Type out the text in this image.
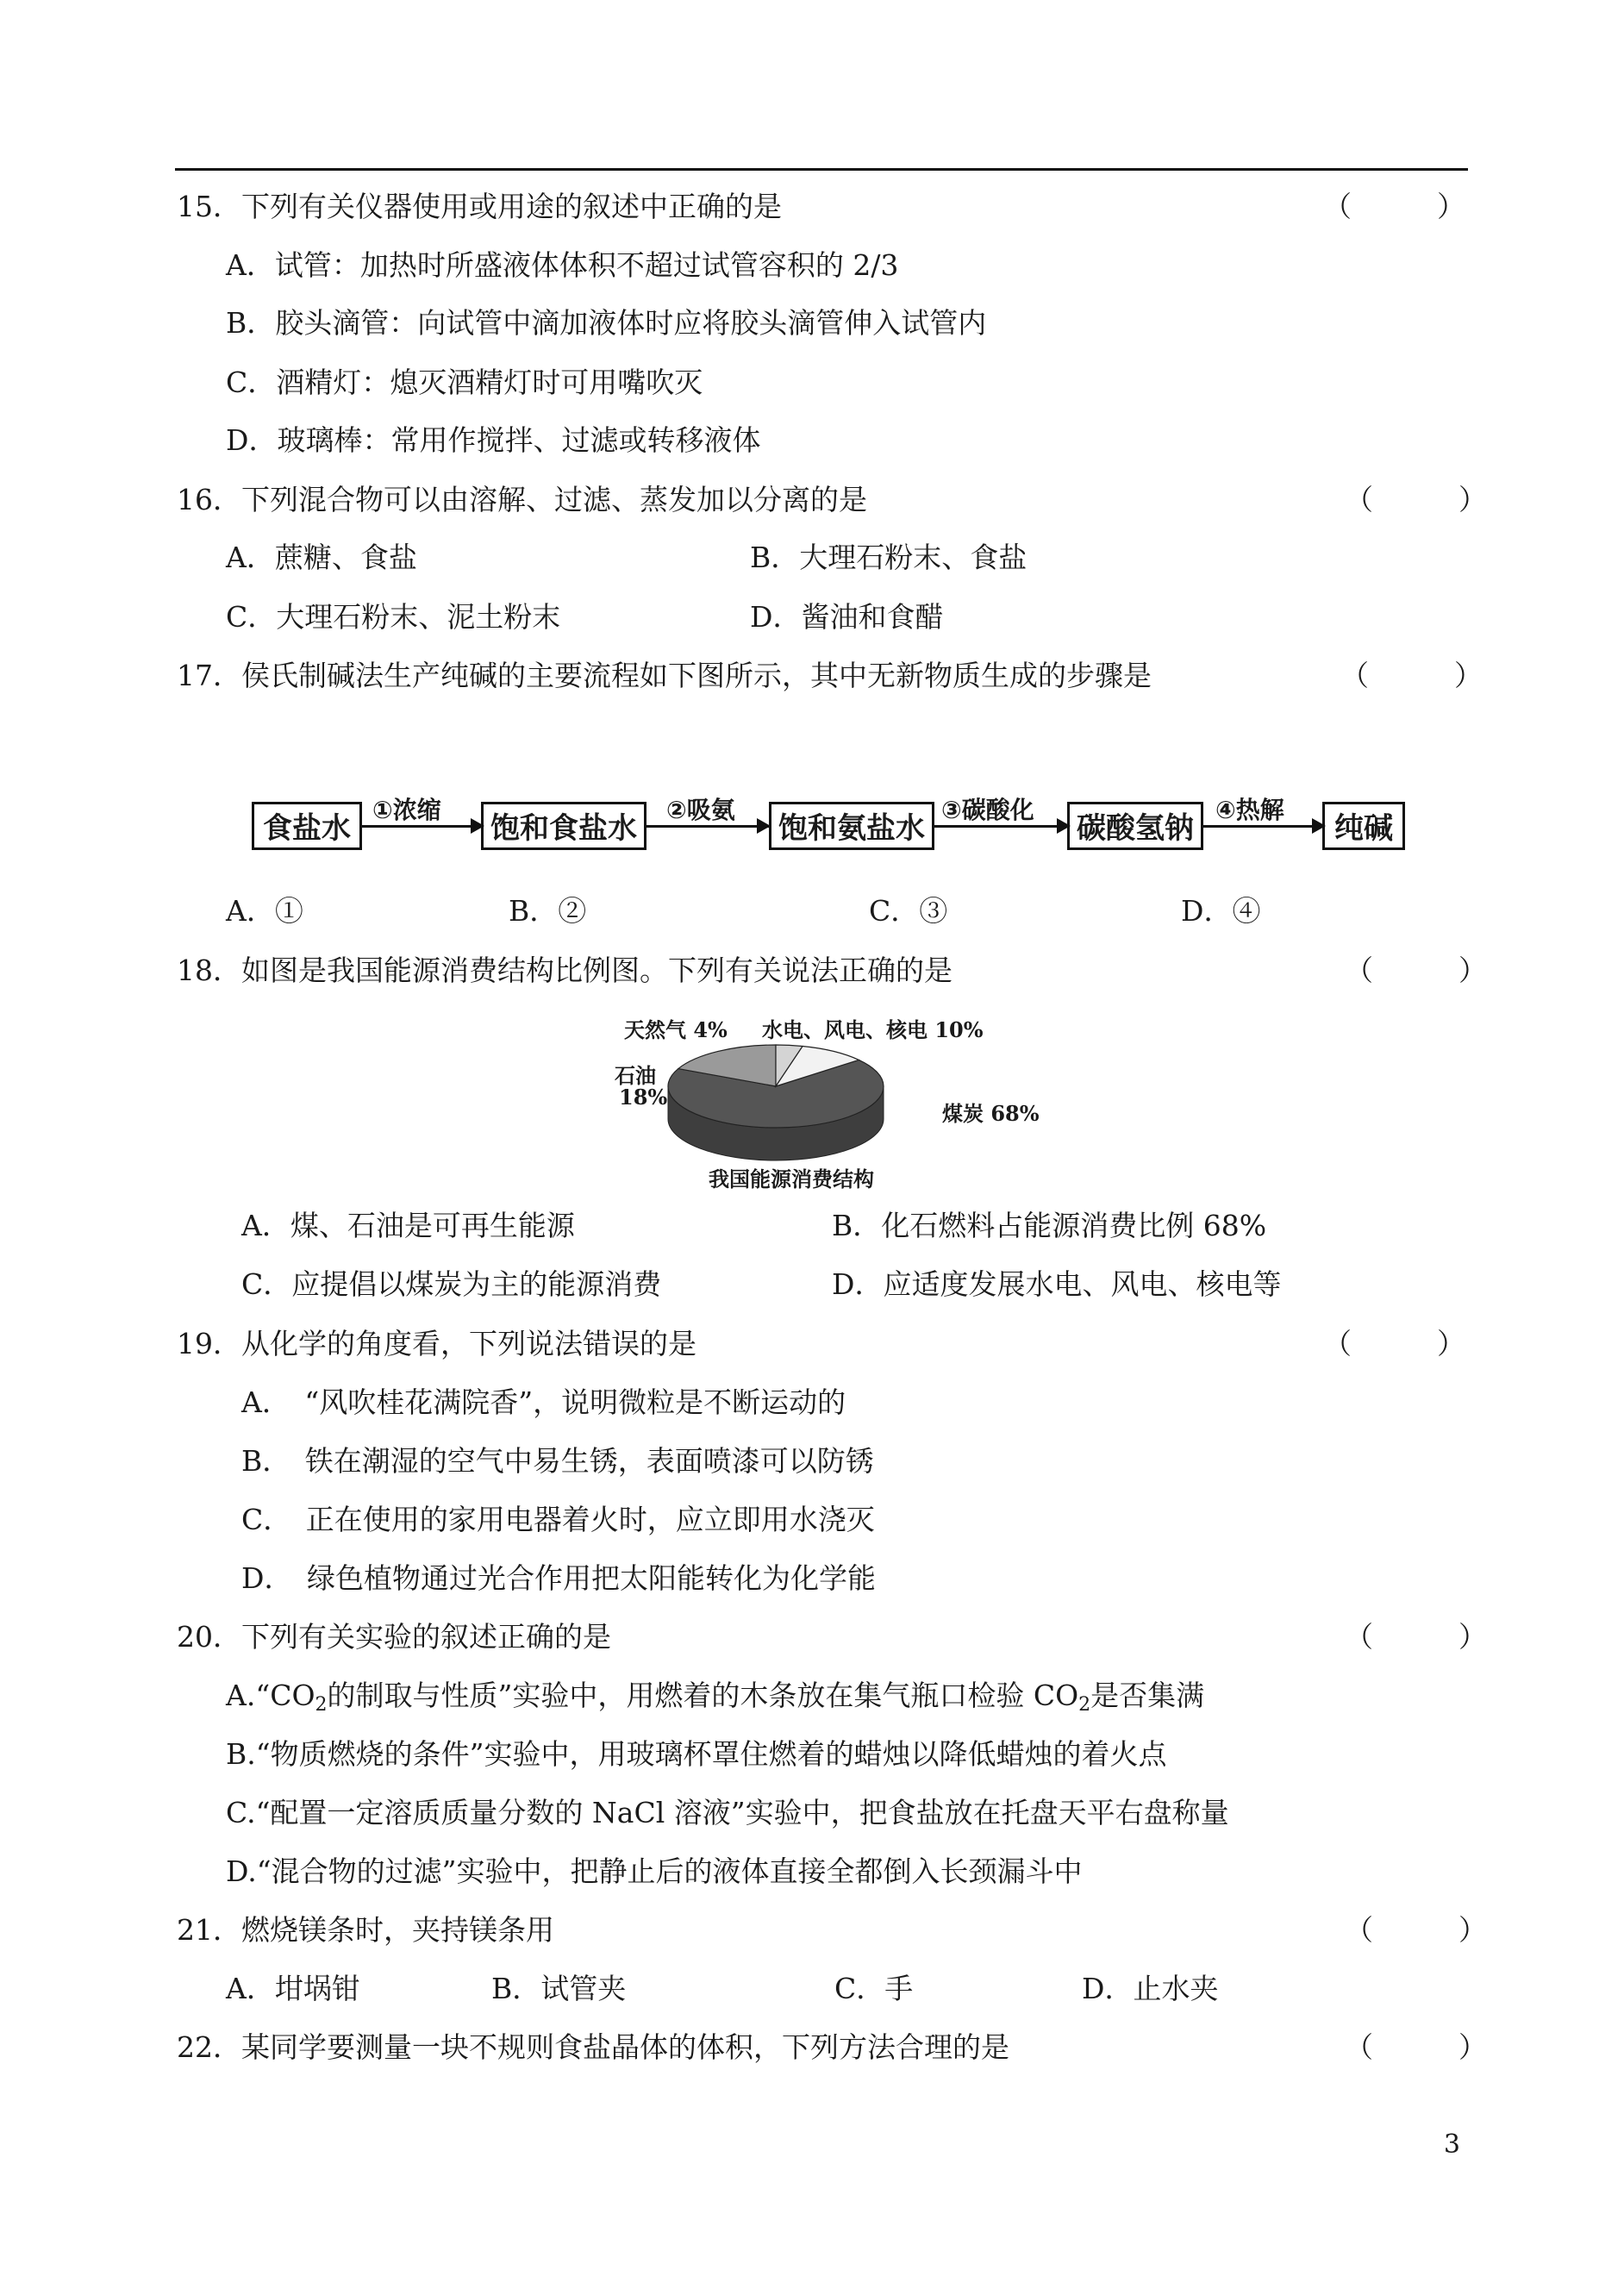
15．下列有关仪器使用或用途的叙述中正确的是	（　　　）
A．试管：加热时所盛液体体积不超过试管容积的 2/3
B．胶头滴管：向试管中滴加液体时应将胶头滴管伸入试管内
C．酒精灯：熄灭酒精灯时可用嘴吹灭
D．玻璃棒：常用作搅拌、过滤或转移液体
16．下列混合物可以由溶解、过滤、蒸发加以分离的是	（　　　）
A．蔗糖、食盐	B．大理石粉末、食盐
C．大理石粉末、泥土粉末	D．酱油和食醋
17．侯氏制碱法生产纯碱的主要流程如下图所示，其中无新物质生成的步骤是	（　　　）
食盐水
①浓缩
饱和食盐水
②吸氨
饱和氨盐水
③碳酸化
碳酸氢钠
④热解
纯碱
A．①	B．②	C．③	D．④
18．如图是我国能源消费结构比例图。下列有关说法正确的是	（　　　）
天然气 4% 水电、风电、核电 10%
石油
18%
煤炭 68%
我国能源消费结构
A．煤、石油是可再生能源	B．化石燃料占能源消费比例 68%
C．应提倡以煤炭为主的能源消费	D．应适度发展水电、风电、核电等
19．从化学的角度看，下列说法错误的是	（　　　）
A．　“风吹桂花满院香”，说明微粒是不断运动的
B．　铁在潮湿的空气中易生锈，表面喷漆可以防锈
C．　正在使用的家用电器着火时，应立即用水浇灭
D．　绿色植物通过光合作用把太阳能转化为化学能
20．下列有关实验的叙述正确的是	（　　　）
$A.“CO_2$的制取与性质”实验中，用燃着的木条放在集气瓶口检验 $CO_2$是否集满
B.“物质燃烧的条件”实验中，用玻璃杯罩住燃着的蜡烛以降低蜡烛的着火点
C.“配置一定溶质质量分数的 NaCl 溶液”实验中，把食盐放在托盘天平右盘称量
D.“混合物的过滤”实验中，把静止后的液体直接全都倒入长颈漏斗中
21．燃烧镁条时，夹持镁条用	（　　　）
A．坩埚钳	B．试管夹	C．手	D．止水夹
22．某同学要测量一块不规则食盐晶体的体积，下列方法合理的是	（　　　）
3
